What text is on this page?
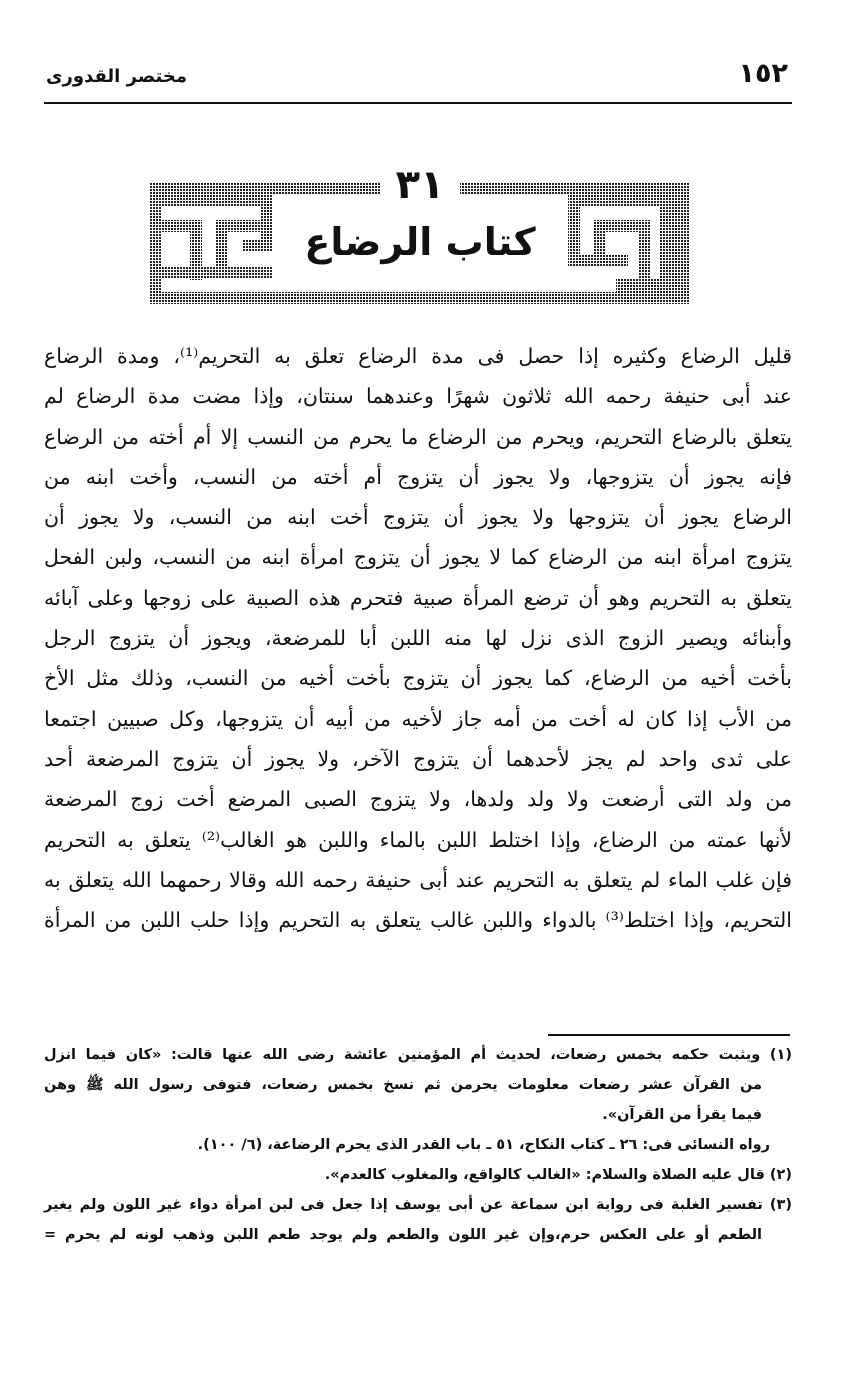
١٥٢
مختصر القدورى
٣١
كتاب الرضاع
قليل الرضاع وكثيره إذا حصل فى مدة الرضاع تعلق به التحريم⁽¹⁾، ومدة الرضاع
عند أبى حنيفة رحمه الله ثلاثون شهرًا وعندهما سنتان، وإذا مضت مدة الرضاع لم
يتعلق بالرضاع التحريم، ويحرم من الرضاع ما يحرم من النسب إلا أم أخته من الرضاع
فإنه يجوز أن يتزوجها، ولا يجوز أن يتزوج أم أخته من النسب، وأخت ابنه من
الرضاع يجوز أن يتزوجها ولا يجوز أن يتزوج أخت ابنه من النسب، ولا يجوز أن
يتزوج امرأة ابنه من الرضاع كما لا يجوز أن يتزوج امرأة ابنه من النسب، ولبن الفحل
يتعلق به التحريم وهو أن ترضع المرأة صبية فتحرم هذه الصبية على زوجها وعلى آبائه
وأبنائه ويصير الزوج الذى نزل لها منه اللبن أبا للمرضعة، ويجوز أن يتزوج الرجل
بأخت أخيه من الرضاع، كما يجوز أن يتزوج بأخت أخيه من النسب، وذلك مثل الأخ
من الأب إذا كان له أخت من أمه جاز لأخيه من أبيه أن يتزوجها، وكل صبيين اجتمعا
على ثدى واحد لم يجز لأحدهما أن يتزوج الآخر، ولا يجوز أن يتزوج المرضعة أحد
من ولد التى أرضعت ولا ولد ولدها، ولا يتزوج الصبى المرضع أخت زوج المرضعة
لأنها عمته من الرضاع، وإذا اختلط اللبن بالماء واللبن هو الغالب⁽²⁾ يتعلق به التحريم
فإن غلب الماء لم يتعلق به التحريم عند أبى حنيفة رحمه الله وقالا رحمهما الله يتعلق به
التحريم، وإذا اختلط⁽³⁾ بالدواء واللبن غالب يتعلق به التحريم وإذا حلب اللبن من المرأة
(١) ويثبت حكمه بخمس رضعات، لحديث أم المؤمنين عائشة رضى الله عنها قالت: «كان فيما انزل
من القرآن عشر رضعات معلومات يحرمن ثم نسخ بخمس رضعات، فتوفى رسول الله ﷺ وهن
فيما يقرأ من القرآن».
رواه النسائى فى: ٢٦ ـ كتاب النكاح، ٥١ ـ باب القدر الذى يحرم الرضاعة، (٦/ ١٠٠).
(٢) قال عليه الصلاة والسلام: «الغالب كالواقع، والمغلوب كالعدم».
(٣) تفسير الغلبة فى رواية ابن سماعة عن أبى يوسف إذا جعل فى لبن امرأة دواء غير اللون ولم يغير
الطعم أو على العكس حرم،وإن غير اللون والطعم ولم يوجد طعم اللبن وذهب لونه لم يحرم =
